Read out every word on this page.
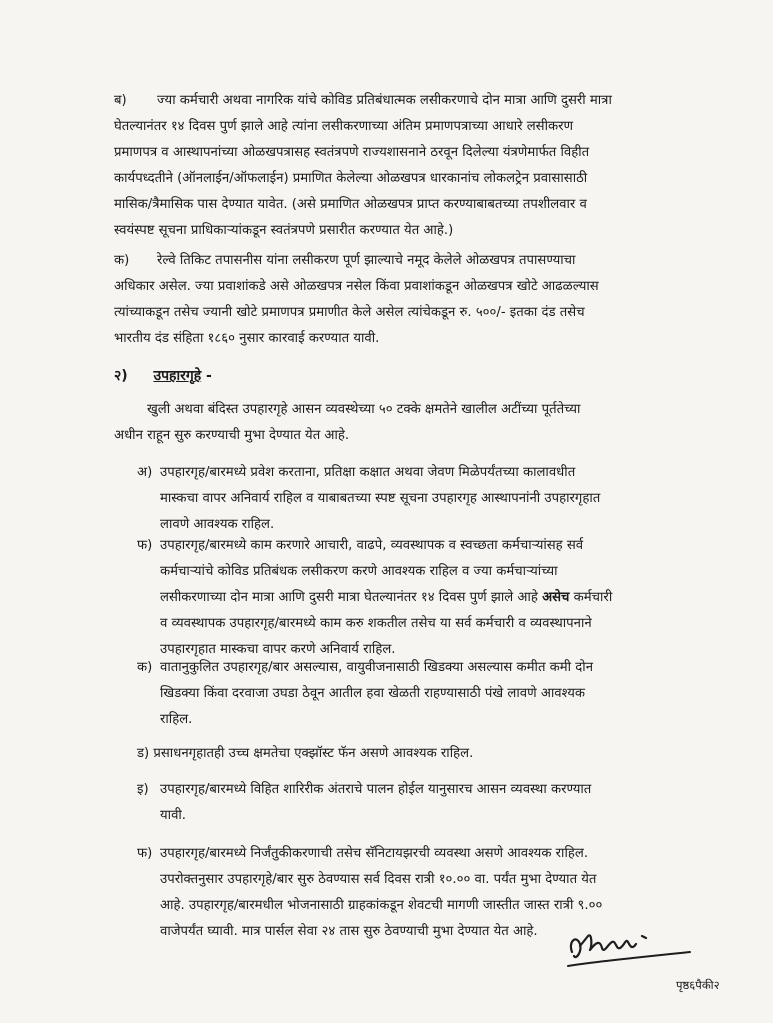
ब) ज्या कर्मचारी अथवा नागरिक यांचे कोविड प्रतिबंधात्मक लसीकरणाचे दोन मात्रा आणि दुसरी मात्रा
घेतल्यानंतर १४ दिवस पुर्ण झाले आहे त्यांना लसीकरणाच्या अंतिम प्रमाणपत्राच्या आधारे लसीकरण
प्रमाणपत्र व आस्थापनांच्या ओळखपत्रासह स्वतंत्रपणे राज्यशासनाने ठरवून दिलेल्या यंत्रणेमार्फत विहीत
कार्यपध्दतीने (ऑनलाईन/ऑफलाईन) प्रमाणित केलेल्या ओळखपत्र धारकानांच लोकलट्रेन प्रवासासाठी
मासिक/त्रैमासिक पास देण्यात यावेत. (असे प्रमाणित ओळखपत्र प्राप्त करण्याबाबतच्या तपशीलवार व
स्वयंस्पष्ट सूचना प्राधिकाऱ्यांकडून स्वतंत्रपणे प्रसारीत करण्यात येत आहे.)
क) रेल्वे तिकिट तपासनीस यांना लसीकरण पूर्ण झाल्याचे नमूद केलेले ओळखपत्र तपासण्याचा
अधिकार असेल. ज्या प्रवाशांकडे असे ओळखपत्र नसेल किंवा प्रवाशांकडून ओळखपत्र खोटे आढळल्यास
त्यांच्याकडून तसेच ज्यानी खोटे प्रमाणपत्र प्रमाणीत केले असेल त्यांचेकडून रु. ५००/- इतका दंड तसेच
भारतीय दंड संहिता १८६० नुसार कारवाई करण्यात यावी.
२) उपहारगृहे -
खुली अथवा बंदिस्त उपहारगृहे आसन व्यवस्थेच्या ५० टक्के क्षमतेने खालील अटींच्या पूर्ततेच्या
अधीन राहून सुरु करण्याची मुभा देण्यात येत आहे.
अ) उपहारगृह/बारमध्ये प्रवेश करताना, प्रतिक्षा कक्षात अथवा जेवण मिळेपर्यंतच्या कालावधीत
मास्कचा वापर अनिवार्य राहिल व याबाबतच्या स्पष्ट सूचना उपहारगृह आस्थापनांनी उपहारगृहात
लावणे आवश्यक राहिल.
फ) उपहारगृह/बारमध्ये काम करणारे आचारी, वाढपे, व्यवस्थापक व स्वच्छता कर्मचाऱ्यांसह सर्व
कर्मचाऱ्यांचे कोविड प्रतिबंधक लसीकरण करणे आवश्यक राहिल व ज्या कर्मचाऱ्यांच्या
लसीकरणाच्या दोन मात्रा आणि दुसरी मात्रा घेतल्यानंतर १४ दिवस पुर्ण झाले आहे असेच कर्मचारी
व व्यवस्थापक उपहारगृह/बारमध्ये काम करु शकतील तसेच या सर्व कर्मचारी व व्यवस्थापनाने
उपहारगृहात मास्कचा वापर करणे अनिवार्य राहिल.
क) वातानुकुलित उपहारगृह/बार असल्यास, वायुवीजनासाठी खिडक्या असल्यास कमीत कमी दोन
खिडक्या किंवा दरवाजा उघडा ठेवून आतील हवा खेळती राहण्यासाठी पंखे लावणे आवश्यक
राहिल.
ड) प्रसाधनगृहातही उच्च क्षमतेचा एक्झॉस्ट फॅन असणे आवश्यक राहिल.
इ) उपहारगृह/बारमध्ये विहित शारिरीक अंतराचे पालन होईल यानुसारच आसन व्यवस्था करण्यात
यावी.
फ) उपहारगृह/बारमध्ये निर्जंतुकीकरणाची तसेच सॅनिटायझरची व्यवस्था असणे आवश्यक राहिल.
उपरोक्तनुसार उपहारगृहे/बार सुरु ठेवण्यास सर्व दिवस रात्री १०.०० वा. पर्यंत मुभा देण्यात येत
आहे. उपहारगृह/बारमधील भोजनासाठी ग्राहकांकडून शेवटची मागणी जास्तीत जास्त रात्री ९.००
वाजेपर्यंत घ्यावी. मात्र पार्सल सेवा २४ तास सुरु ठेवण्याची मुभा देण्यात येत आहे.
पृष्ठ६पैकी२
